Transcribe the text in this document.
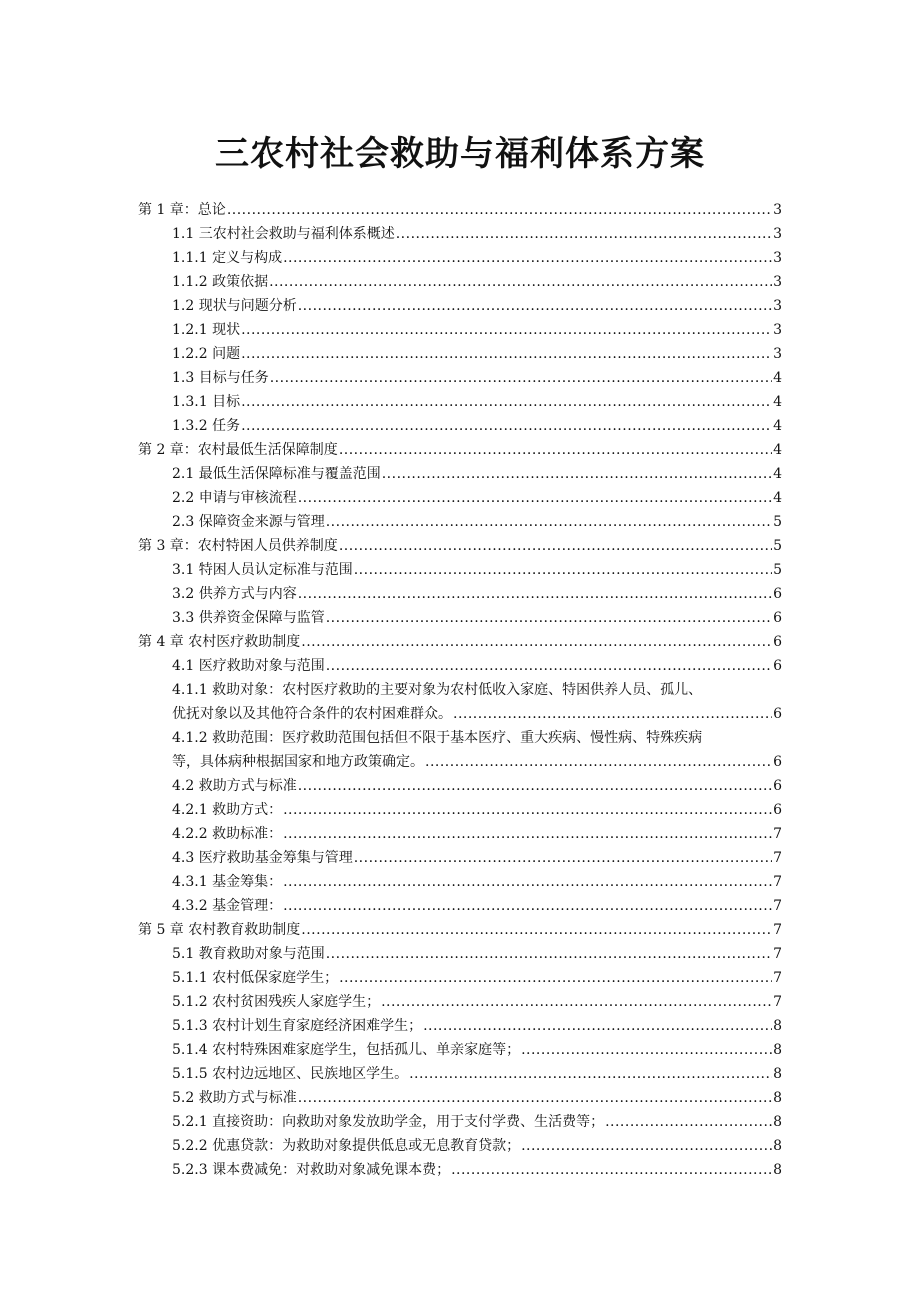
三农村社会救助与福利体系方案
第 1 章：总论 .....	3
1.1 三农村社会救助与福利体系概述 .....	3
1.1.1 定义与构成 .....	3
1.1.2 政策依据 .....	3
1.2 现状与问题分析 .....	3
1.2.1 现状 .....	3
1.2.2 问题 .....	3
1.3 目标与任务 .....	4
1.3.1 目标 .....	4
1.3.2 任务 .....	4
第 2 章：农村最低生活保障制度 .....	4
2.1 最低生活保障标准与覆盖范围 .....	4
2.2 申请与审核流程 .....	4
2.3 保障资金来源与管理 .....	5
第 3 章：农村特困人员供养制度 .....	5
3.1 特困人员认定标准与范围 .....	5
3.2 供养方式与内容 .....	6
3.3 供养资金保障与监管 .....	6
第 4 章 农村医疗救助制度 .....	6
4.1 医疗救助对象与范围 .....	6
4.1.1 救助对象：农村医疗救助的主要对象为农村低收入家庭、特困供养人员、孤儿、
优抚对象以及其他符合条件的农村困难群众。 .....	6
4.1.2 救助范围：医疗救助范围包括但不限于基本医疗、重大疾病、慢性病、特殊疾病
等，具体病种根据国家和地方政策确定。 .....	6
4.2 救助方式与标准 .....	6
4.2.1 救助方式： .....	6
4.2.2 救助标准： .....	7
4.3 医疗救助基金筹集与管理 .....	7
4.3.1 基金筹集： .....	7
4.3.2 基金管理： .....	7
第 5 章 农村教育救助制度 .....	7
5.1 教育救助对象与范围 .....	7
5.1.1 农村低保家庭学生； .....	7
5.1.2 农村贫困残疾人家庭学生； .....	7
5.1.3 农村计划生育家庭经济困难学生； .....	8
5.1.4 农村特殊困难家庭学生，包括孤儿、单亲家庭等； .....	8
5.1.5 农村边远地区、民族地区学生。 .....	8
5.2 救助方式与标准 .....	8
5.2.1 直接资助：向救助对象发放助学金，用于支付学费、生活费等； .....	8
5.2.2 优惠贷款：为救助对象提供低息或无息教育贷款； .....	8
5.2.3 课本费减免：对救助对象减免课本费； .....	8
